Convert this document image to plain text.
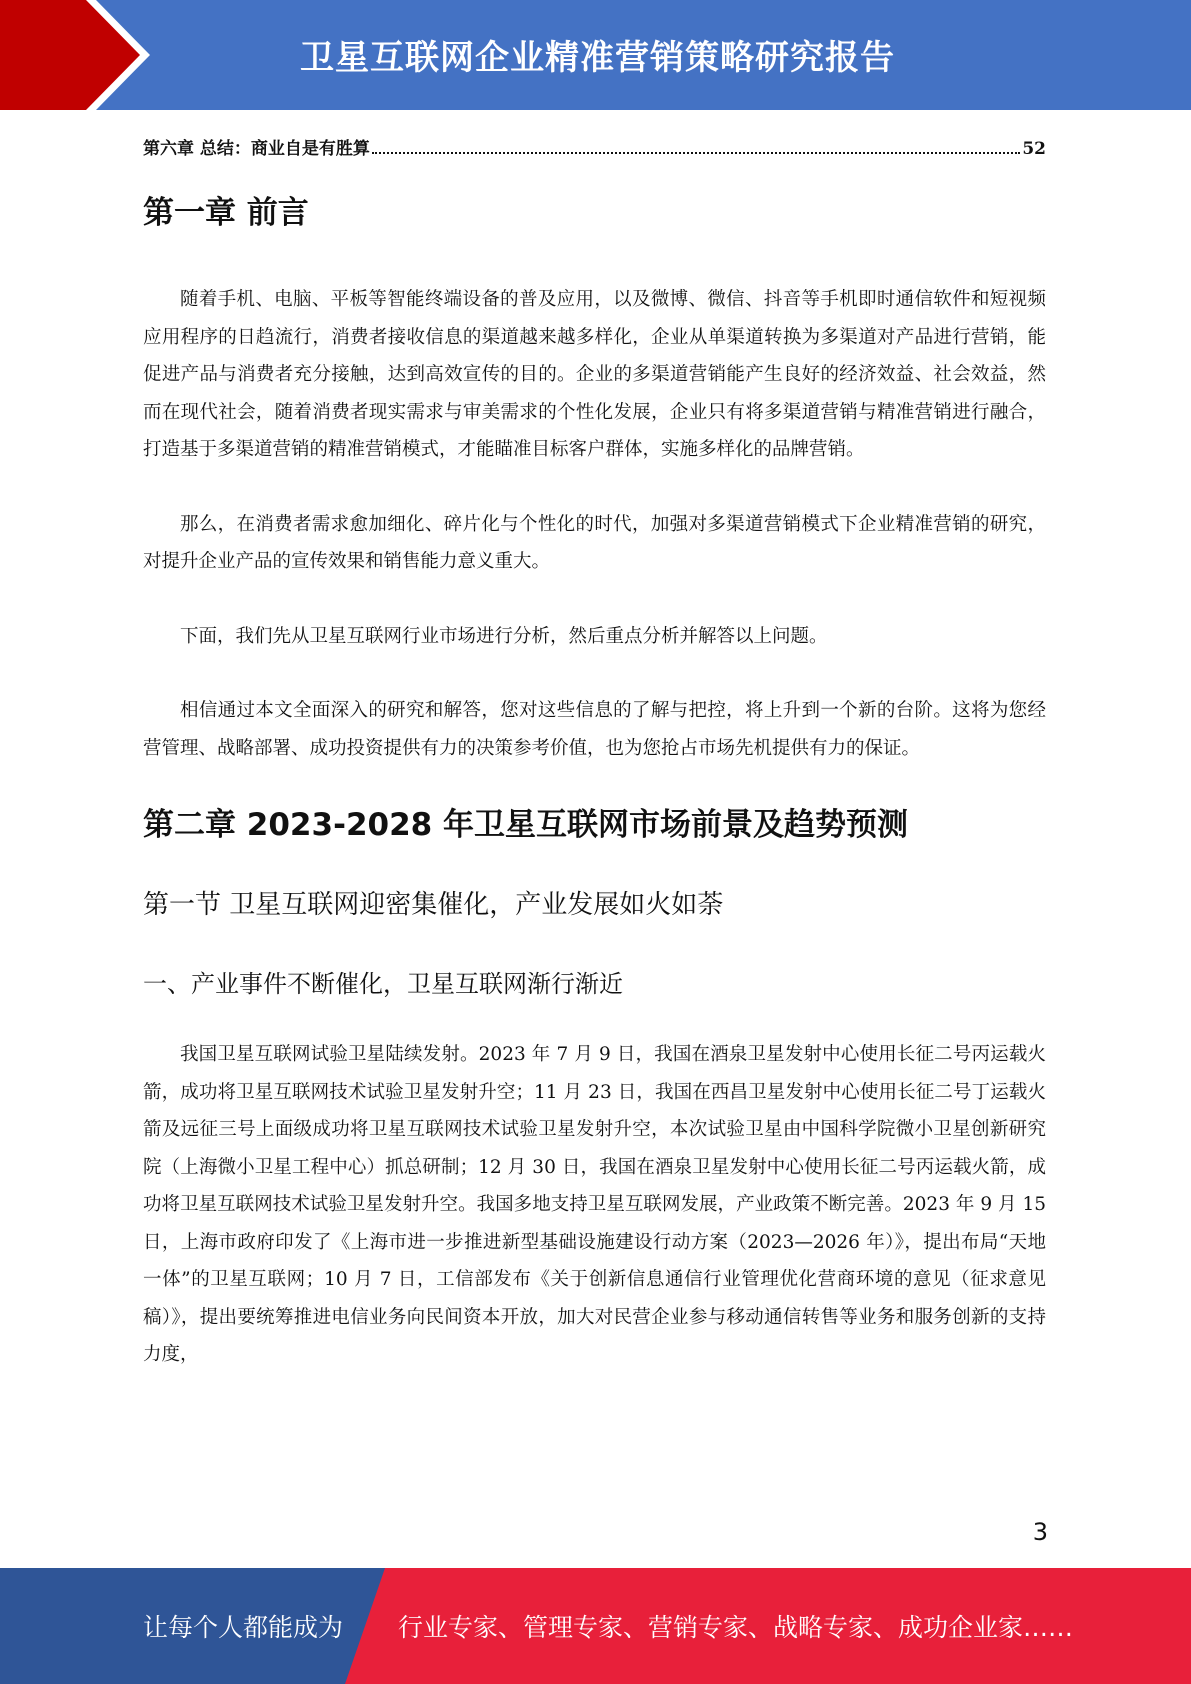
卫星互联网企业精准营销策略研究报告
第六章 总结：商业自是有胜算	52
第一章 前言

随着手机、电脑、平板等智能终端设备的普及应用，以及微博、微信、抖音等手机即时通信软件和短视频应用程序的日趋流行，消费者接收信息的渠道越来越多样化，企业从单渠道转换为多渠道对产品进行营销，能促进产品与消费者充分接触，达到高效宣传的目的。企业的多渠道营销能产生良好的经济效益、社会效益，然而在现代社会，随着消费者现实需求与审美需求的个性化发展，企业只有将多渠道营销与精准营销进行融合，打造基于多渠道营销的精准营销模式，才能瞄准目标客户群体，实施多样化的品牌营销。

那么，在消费者需求愈加细化、碎片化与个性化的时代，加强对多渠道营销模式下企业精准营销的研究，对提升企业产品的宣传效果和销售能力意义重大。

下面，我们先从卫星互联网行业市场进行分析，然后重点分析并解答以上问题。

相信通过本文全面深入的研究和解答，您对这些信息的了解与把控，将上升到一个新的台阶。这将为您经营管理、战略部署、成功投资提供有力的决策参考价值，也为您抢占市场先机提供有力的保证。

第二章 2023-2028 年卫星互联网市场前景及趋势预测
第一节 卫星互联网迎密集催化，产业发展如火如荼
一、产业事件不断催化，卫星互联网渐行渐近

我国卫星互联网试验卫星陆续发射。2023 年 7 月 9 日，我国在酒泉卫星发射中心使用长征二号丙运载火箭，成功将卫星互联网技术试验卫星发射升空；11 月 23 日，我国在西昌卫星发射中心使用长征二号丁运载火箭及远征三号上面级成功将卫星互联网技术试验卫星发射升空，本次试验卫星由中国科学院微小卫星创新研究院（上海微小卫星工程中心）抓总研制；12 月 30 日，我国在酒泉卫星发射中心使用长征二号丙运载火箭，成功将卫星互联网技术试验卫星发射升空。我国多地支持卫星互联网发展，产业政策不断完善。2023 年 9 月 15 日，上海市政府印发了《上海市进一步推进新型基础设施建设行动方案（2023—2026 年）》，提出布局“天地一体”的卫星互联网；10 月 7 日，工信部发布《关于创新信息通信行业管理优化营商环境的意见（征求意见稿）》，提出要统筹推进电信业务向民间资本开放，加大对民营企业参与移动通信转售等业务和服务创新的支持力度，

3
让每个人都能成为 行业专家、管理专家、营销专家、战略专家、成功企业家……
